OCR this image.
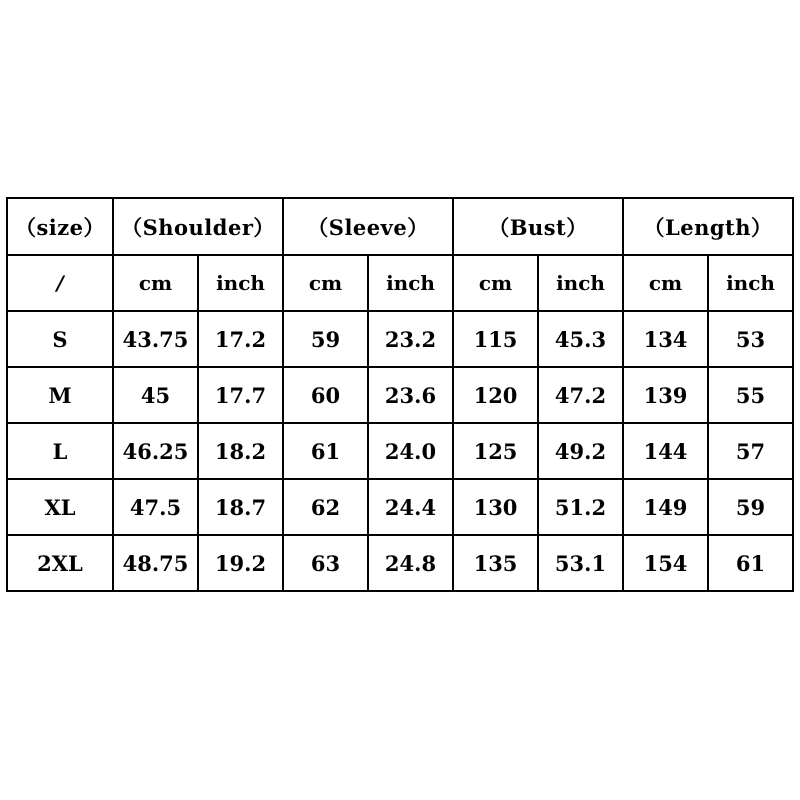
（size）	（Shoulder）		（Sleeve）		（Bust）		（Length）	
/	cm	inch	cm	inch	cm	inch	cm	inch
S	43.75	17.2	59	23.2	115	45.3	134	53
M	45	17.7	60	23.6	120	47.2	139	55
L	46.25	18.2	61	24.0	125	49.2	144	57
XL	47.5	18.7	62	24.4	130	51.2	149	59
2XL	48.75	19.2	63	24.8	135	53.1	154	61
